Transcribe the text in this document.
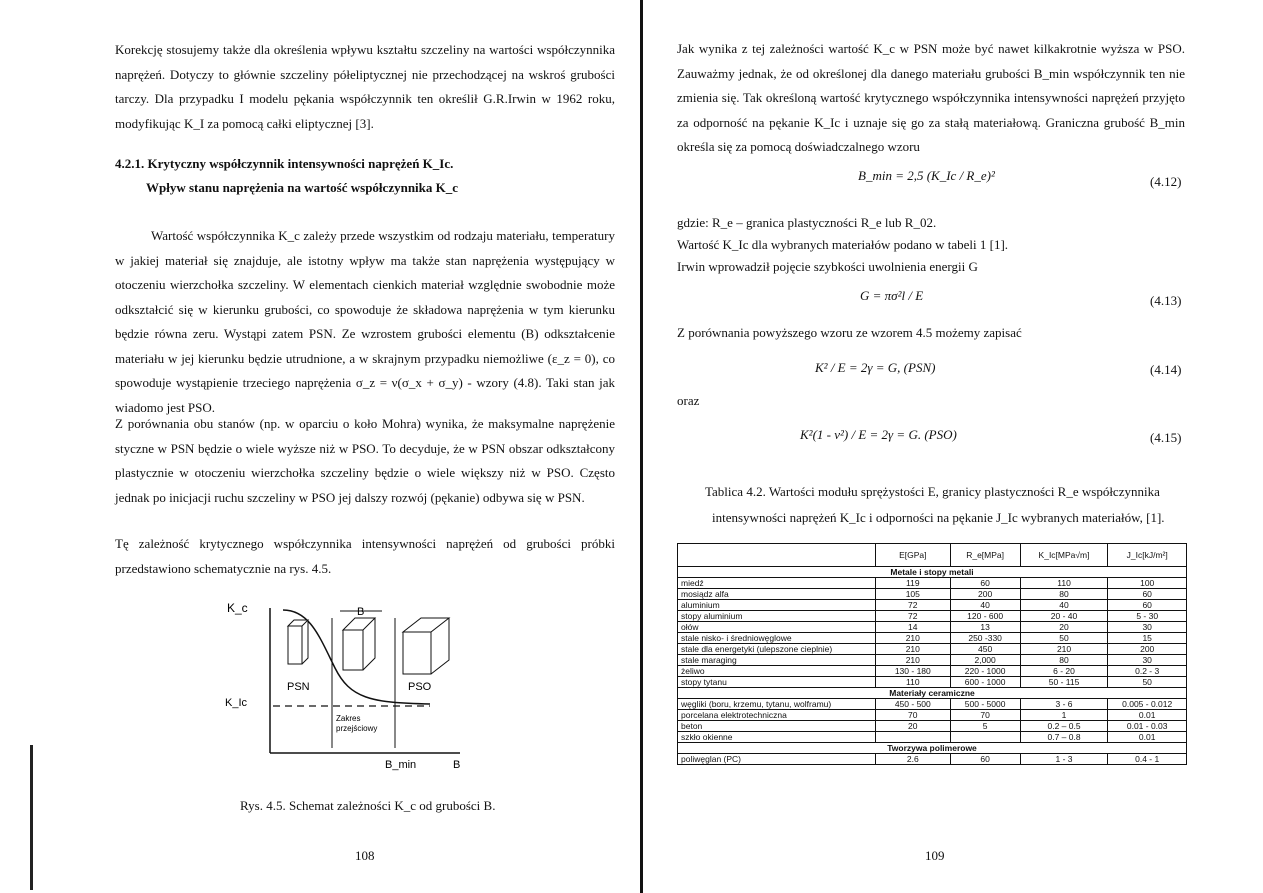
Korekcję stosujemy także dla określenia wpływu kształtu szczeliny na wartości współczynnika naprężeń. Dotyczy to głównie szczeliny półeliptycznej nie przechodzącej na wskroś grubości tarczy. Dla przypadku I modelu pękania współczynnik ten określił G.R.Irwin w 1962 roku, modyfikując K_I za pomocą całki eliptycznej [3].

4.2.1. Krytyczny współczynnik intensywności naprężeń K_Ic.

Wpływ stanu naprężenia na wartość współczynnika K_c

Wartość współczynnika K_c zależy przede wszystkim od rodzaju materiału, temperatury w jakiej materiał się znajduje, ale istotny wpływ ma także stan naprężenia występujący w otoczeniu wierzchołka szczeliny. W elementach cienkich materiał względnie swobodnie może odkształcić się w kierunku grubości, co spowoduje że składowa naprężenia w tym kierunku będzie równa zeru. Wystąpi zatem PSN. Ze wzrostem grubości elementu (B) odkształcenie materiału w jej kierunku będzie utrudnione, a w skrajnym przypadku niemożliwe (ε_z = 0), co spowoduje wystąpienie trzeciego naprężenia σ_z = ν(σ_x + σ_y) - wzory (4.8). Taki stan jak wiadomo jest PSO.

Z porównania obu stanów (np. w oparciu o koło Mohra) wynika, że maksymalne naprężenie styczne w PSN będzie o wiele wyższe niż w PSO. To decyduje, że w PSN obszar odkształcony plastycznie w otoczeniu wierzchołka szczeliny będzie o wiele większy niż w PSO. Często jednak po inicjacji ruchu szczeliny w PSO jej dalszy rozwój (pękanie) odbywa się w PSN.

Tę zależność krytycznego współczynnika intensywności naprężeń od grubości próbki przedstawiono schematycznie na rys. 4.5.

K_c
K_Ic
B
PSN	PSO
Zakres
przejściowy
B_min	B

Rys. 4.5. Schemat zależności K_c od grubości B.

108

Jak wynika z tej zależności wartość K_c w PSN może być nawet kilkakrotnie wyższa w PSO. Zauważmy jednak, że od określonej dla danego materiału grubości B_min współczynnik ten nie zmienia się. Tak określoną wartość krytycznego współczynnika intensywności naprężeń przyjęto za odporność na pękanie K_Ic i uznaje się go za stałą materiałową. Graniczna grubość B_min określa się za pomocą doświadczalnego wzoru

B_min = 2,5 (K_Ic / R_e)²	(4.12)

gdzie: R_e – granica plastyczności R_e lub R_02.

Wartość K_Ic dla wybranych materiałów podano w tabeli 1 [1].

Irwin wprowadził pojęcie szybkości uwolnienia energii G

G = πσ²l / E	(4.13)

Z porównania powyższego wzoru ze wzorem 4.5 możemy zapisać

K² / E = 2γ = G, (PSN)	(4.14)

oraz

K²(1 - ν²) / E = 2γ = G. (PSO)	(4.15)

Tablica 4.2. Wartości modułu sprężystości E, granicy plastyczności R_e współczynnika

intensywności naprężeń K_Ic i odporności na pękanie J_Ic wybranych materiałów, [1].

	E[GPa]	R_e[MPa]	K_Ic[MPa√m]	J_Ic[kJ/m²]
Metale i stopy metali				
miedź	119	60	110	100
mosiądz alfa	105	200	80	60
aluminium	72	40	40	60
stopy aluminium	72	120 - 600	20 - 40	5 - 30
ołów	14	13	20	30
stale nisko- i średniowęglowe	210	250 -330	50	15
stale dla energetyki (ulepszone cieplnie)	210	450	210	200
stale maraging	210	2,000	80	30
żeliwo	130 - 180	220 - 1000	6 - 20	0.2 - 3
stopy tytanu	110	600 - 1000	50 - 115	50
Materiały ceramiczne				
węgliki (boru, krzemu, tytanu, wolframu)	450 - 500	500 - 5000	3 - 6	0.005 - 0.012
porcelana elektrotechniczna	70	70	1	0.01
beton	20	5	0.2 – 0.5	0.01 - 0.03
szkło okienne			0.7 – 0.8	0.01
Tworzywa polimerowe				
poliwęglan (PC)	2.6	60	1 - 3	0.4 - 1
109
